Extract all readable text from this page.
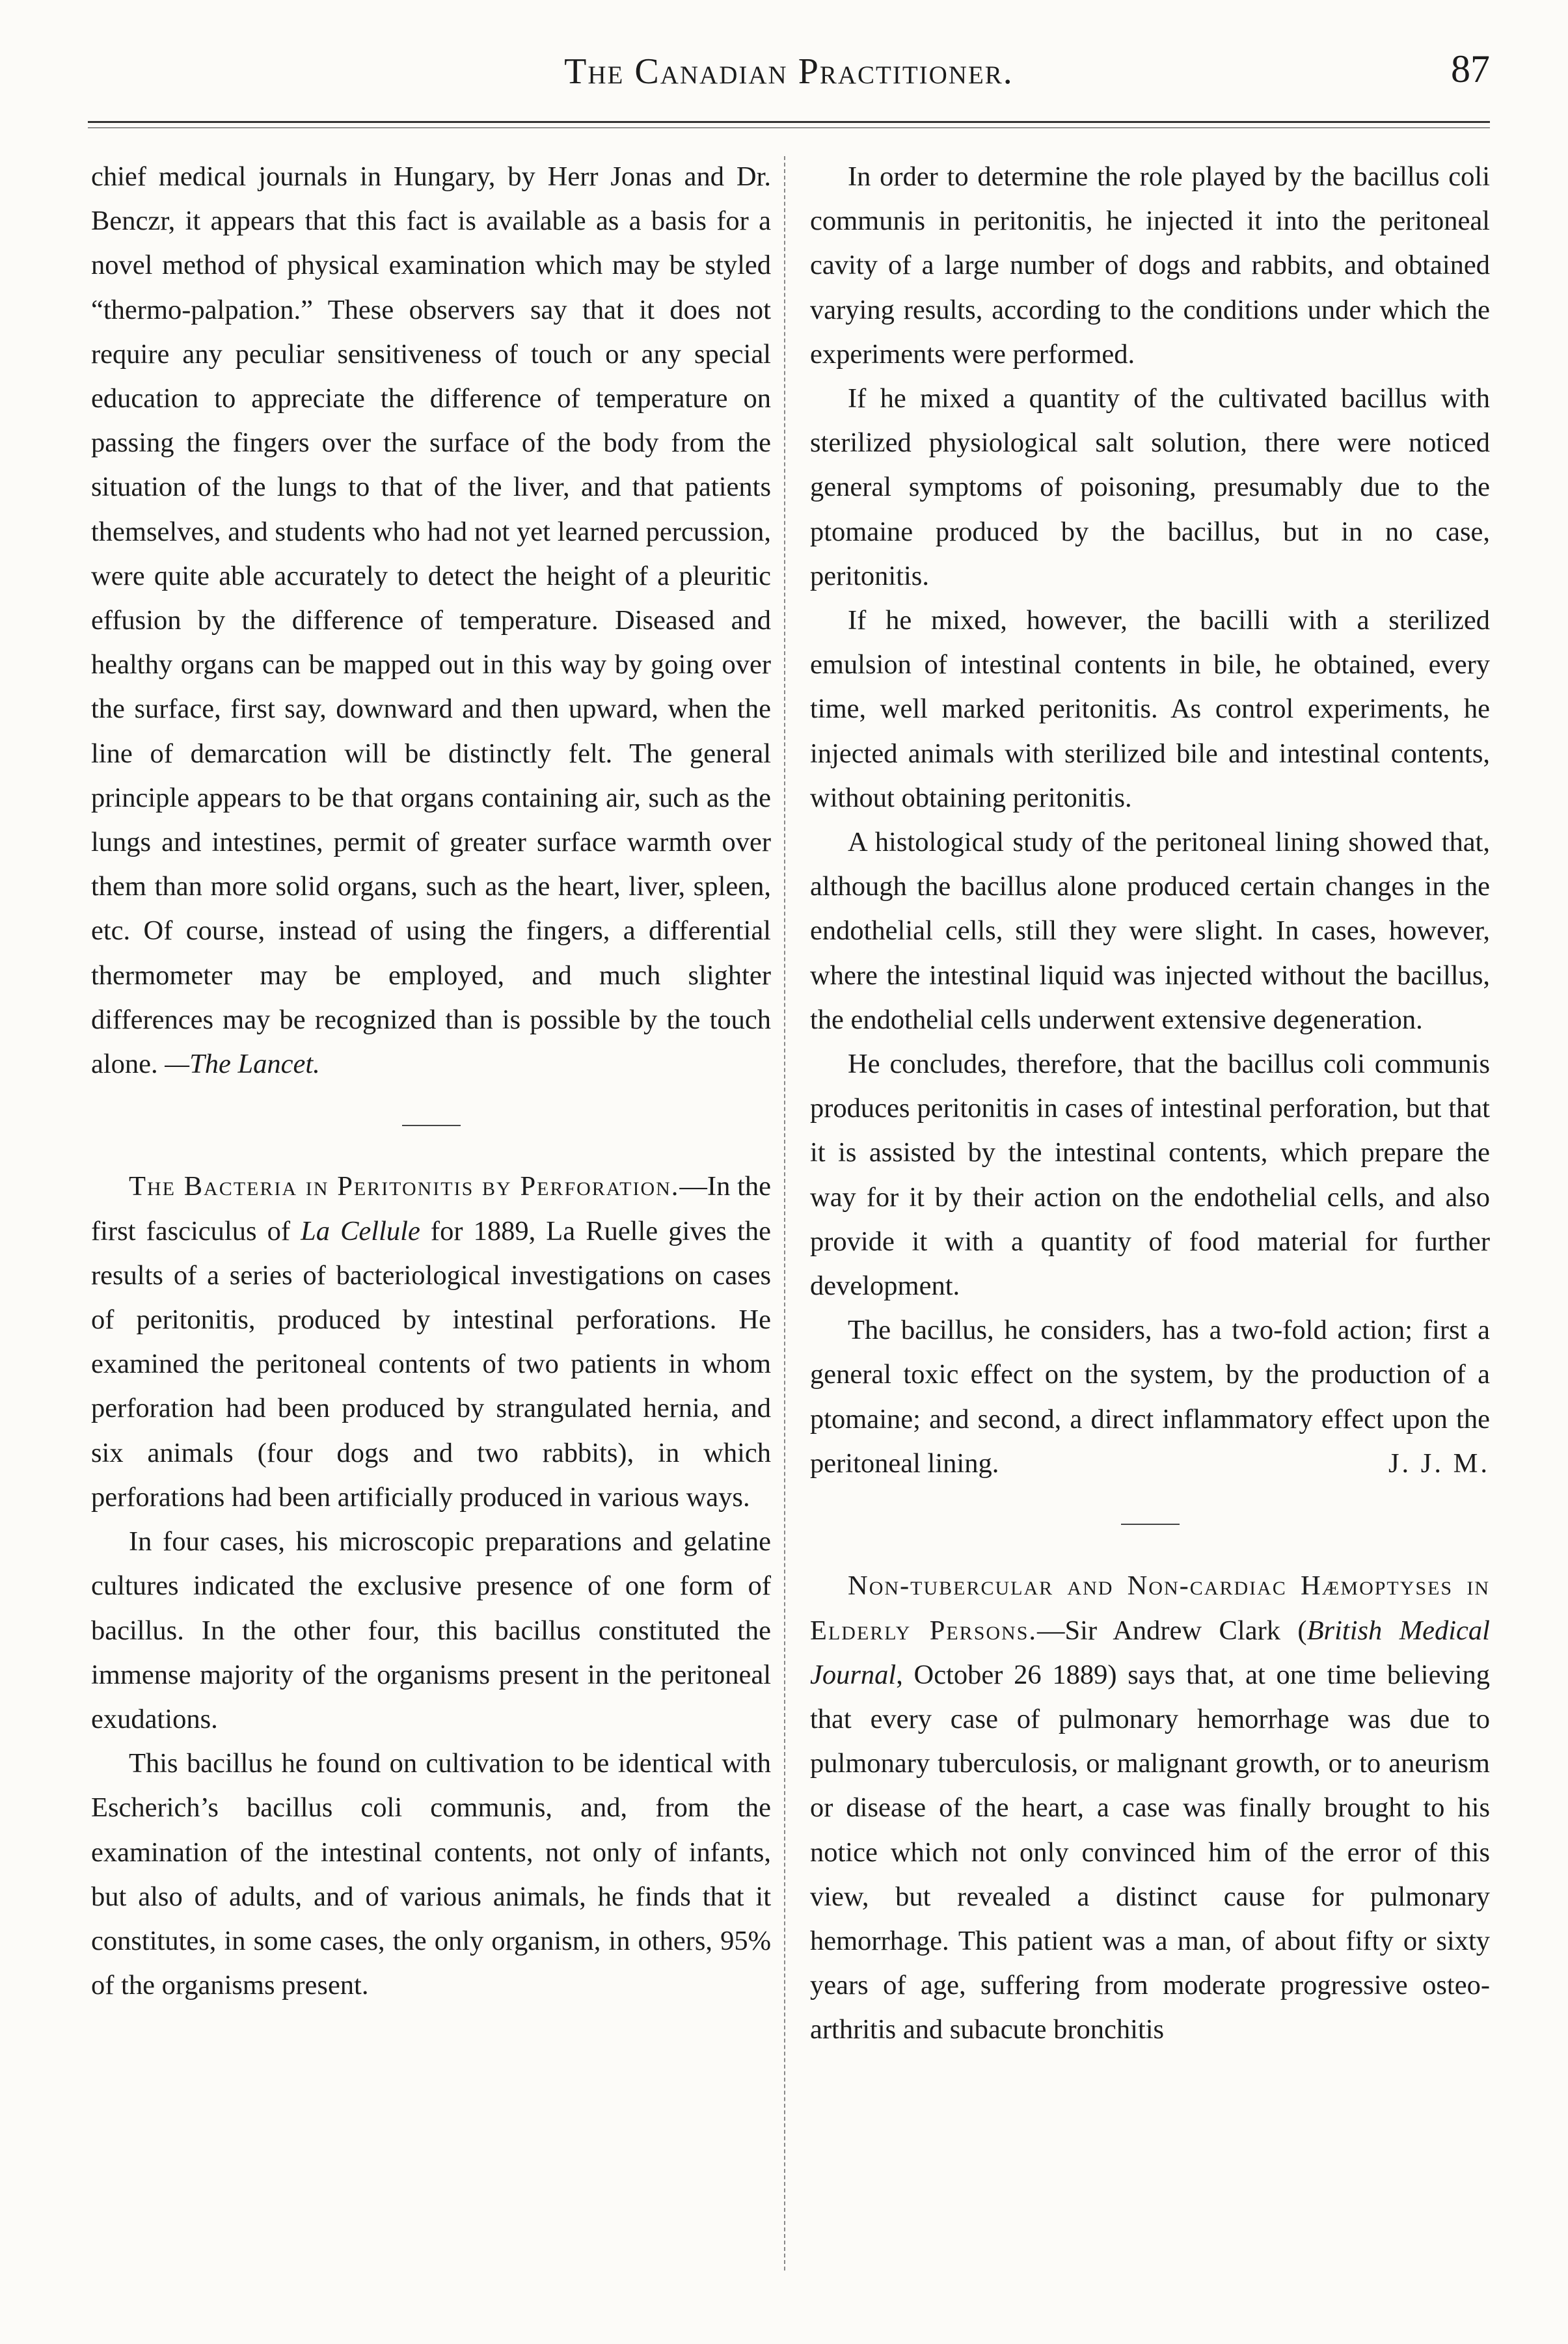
The Canadian Practitioner.	87

chief medical journals in Hungary, by Herr Jonas and Dr. Benczr, it appears that this fact is available as a basis for a novel method of physical examination which may be styled “thermo-palpation.” These observers say that it does not require any peculiar sensitiveness of touch or any special education to appreciate the difference of temperature on passing the fingers over the surface of the body from the situation of the lungs to that of the liver, and that patients themselves, and students who had not yet learned percussion, were quite able accurately to detect the height of a pleuritic effusion by the difference of temperature. Diseased and healthy organs can be mapped out in this way by going over the surface, first say, downward and then upward, when the line of demarcation will be distinctly felt. The general principle appears to be that organs containing air, such as the lungs and intestines, permit of greater surface warmth over them than more solid organs, such as the heart, liver, spleen, etc. Of course, instead of using the fingers, a differential thermometer may be employed, and much slighter differences may be recognized than is possible by the touch alone. —The Lancet.

The Bacteria in Peritonitis by Perforation.—In the first fasciculus of La Cellule for 1889, La Ruelle gives the results of a series of bacteriological investigations on cases of peritonitis, produced by intestinal perforations. He examined the peritoneal contents of two patients in whom perforation had been produced by strangulated hernia, and six animals (four dogs and two rabbits), in which perforations had been artificially produced in various ways.

In four cases, his microscopic preparations and gelatine cultures indicated the exclusive presence of one form of bacillus. In the other four, this bacillus constituted the immense majority of the organisms present in the peritoneal exudations.

This bacillus he found on cultivation to be identical with Escherich’s bacillus coli communis, and, from the examination of the intestinal contents, not only of infants, but also of adults, and of various animals, he finds that it constitutes, in some cases, the only organism, in others, 95% of the organisms present.

In order to determine the role played by the bacillus coli communis in peritonitis, he injected it into the peritoneal cavity of a large number of dogs and rabbits, and obtained varying results, according to the conditions under which the experiments were performed.

If he mixed a quantity of the cultivated bacillus with sterilized physiological salt solution, there were noticed general symptoms of poisoning, presumably due to the ptomaine produced by the bacillus, but in no case, peritonitis.

If he mixed, however, the bacilli with a sterilized emulsion of intestinal contents in bile, he obtained, every time, well marked peritonitis. As control experiments, he injected animals with sterilized bile and intestinal contents, without obtaining peritonitis.

A histological study of the peritoneal lining showed that, although the bacillus alone produced certain changes in the endothelial cells, still they were slight. In cases, however, where the intestinal liquid was injected without the bacillus, the endothelial cells underwent extensive degeneration.

He concludes, therefore, that the bacillus coli communis produces peritonitis in cases of intestinal perforation, but that it is assisted by the intestinal contents, which prepare the way for it by their action on the endothelial cells, and also provide it with a quantity of food material for further development.

The bacillus, he considers, has a two-fold action; first a general toxic effect on the system, by the production of a ptomaine; and second, a direct inflammatory effect upon the peritoneal lining.	J. J. M.

Non-tubercular and Non-cardiac Hæmoptyses in Elderly Persons.—Sir Andrew Clark (British Medical Journal, October 26 1889) says that, at one time believing that every case of pulmonary hemorrhage was due to pulmonary tuberculosis, or malignant growth, or to aneurism or disease of the heart, a case was finally brought to his notice which not only convinced him of the error of this view, but revealed a distinct cause for pulmonary hemorrhage. This patient was a man, of about fifty or sixty years of age, suffering from moderate progressive osteo-arthritis and subacute bronchitis
